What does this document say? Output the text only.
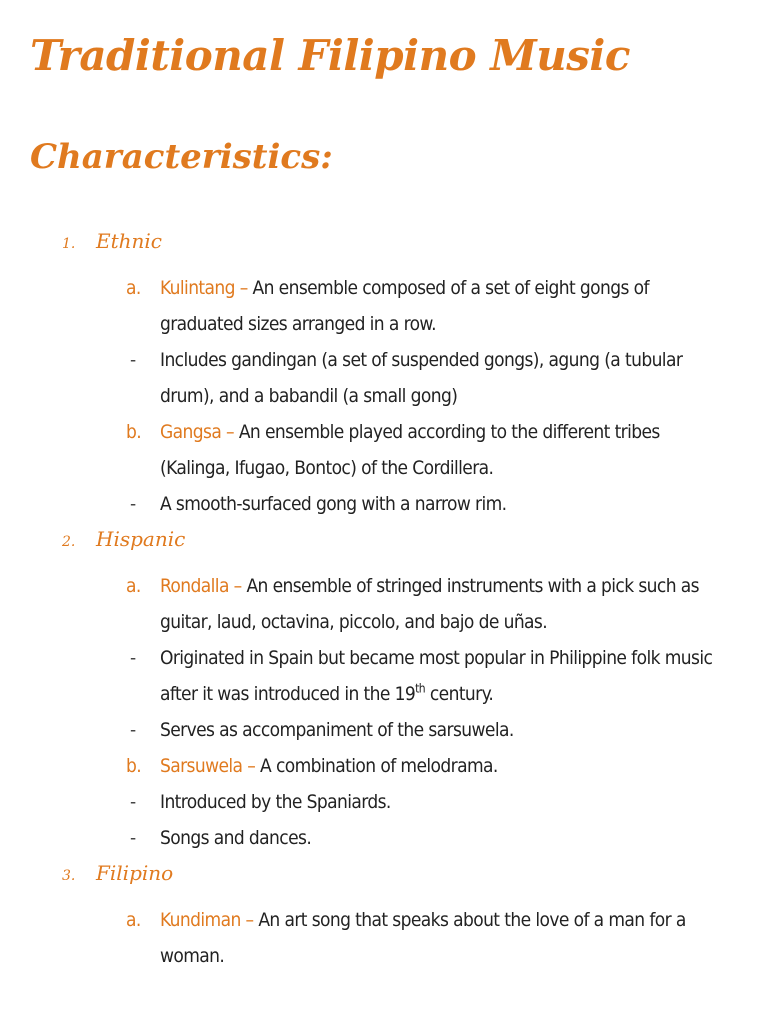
Traditional Filipino Music
Characteristics:
1. Ethnic
a.	Kulintang – An ensemble composed of a set of eight gongs of graduated sizes arranged in a row.
-	Includes gandingan (a set of suspended gongs), agung (a tubular drum), and a babandil (a small gong)
b. Gangsa – An ensemble played according to the different tribes (Kalinga, Ifugao, Bontoc) of the Cordillera.
-	A smooth-surfaced gong with a narrow rim.
2. Hispanic
a.	Rondalla – An ensemble of stringed instruments with a pick such as guitar, laud, octavina, piccolo, and bajo de uñas.
-	Originated in Spain but became most popular in Philippine folk music after it was introduced in the 19th century.
-	Serves as accompaniment of the sarsuwela.
b. Sarsuwela – A combination of melodrama.
-	Introduced by the Spaniards.
-	Songs and dances.
3. Filipino
a.	Kundiman – An art song that speaks about the love of a man for a woman.
